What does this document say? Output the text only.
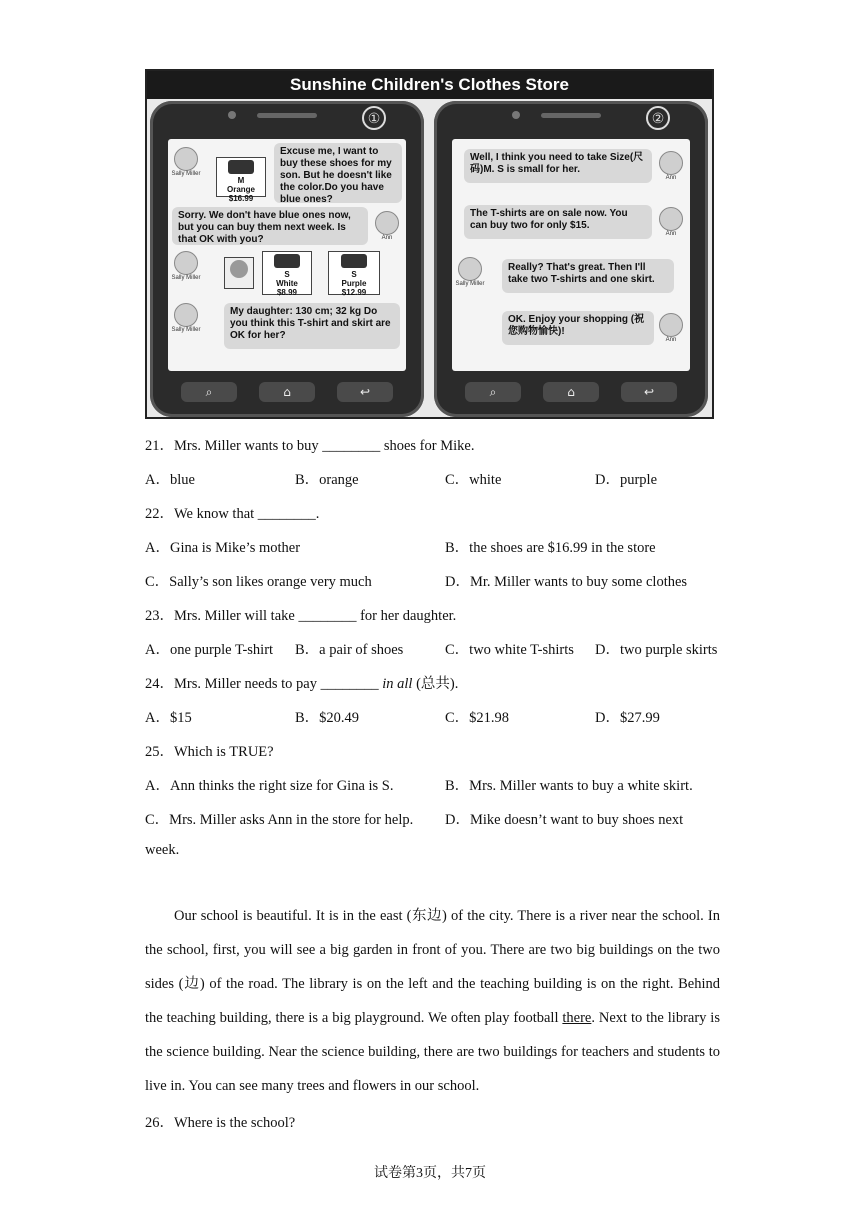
Sunshine Children's Clothes Store
①
Sally Miller
M
Orange
$16.99
Excuse me, I want to buy these shoes for my son. But he doesn't like the color.Do you have blue ones?
Sorry. We don't have blue ones now, but you can buy them next week. Is that OK with you?	Ann
Sally Miller	S
White
$8.99
S
Purple
$12.99
Sally Miller
My daughter: 130 cm; 32 kg Do you think this T-shirt and skirt are OK for her?
⌕	⌂	↩
②
Well, I think you need to take Size(尺码)M. S is small for her.
Ann
The T-shirts are on sale now. You can buy two for only $15.
Ann
Sally Miller
Really? That's great. Then I'll take two T-shirts and one skirt.
OK. Enjoy your shopping (祝您购物愉快)!
Ann
⌕	⌂	↩
21．Mrs. Miller wants to buy ________ shoes for Mike.
A．blue	B．orange	C．white	D．purple
22．We know that ________.
A．Gina is Mike’s mother	B．the shoes are $16.99 in the store
C．Sally’s son likes orange very much	D．Mr. Miller wants to buy some clothes
23．Mrs. Miller will take ________ for her daughter.
A．one purple T-shirt B．a pair of shoes	C．two white T-shirts D．two purple skirts
24．Mrs. Miller needs to pay ________ in all (总共).
A．$15	B．$20.49	C．$21.98	D．$27.99
25．Which is TRUE?
A．Ann thinks the right size for Gina is S.	B．Mrs. Miller wants to buy a white skirt.
C．Mrs. Miller asks Ann in the store for help. D．Mike doesn’t want to buy shoes next
week.
Our school is beautiful. It is in the east (东边) of the city. There is a river near the school. In the school, first, you will see a big garden in front of you. There are two big buildings on the two sides (边) of the road. The library is on the left and the teaching building is on the right. Behind the teaching building, there is a big playground. We often play football there. Next to the library is the science building. Near the science building, there are two buildings for teachers and students to live in. You can see many trees and flowers in our school.
26．Where is the school?
试卷第3页，共7页
